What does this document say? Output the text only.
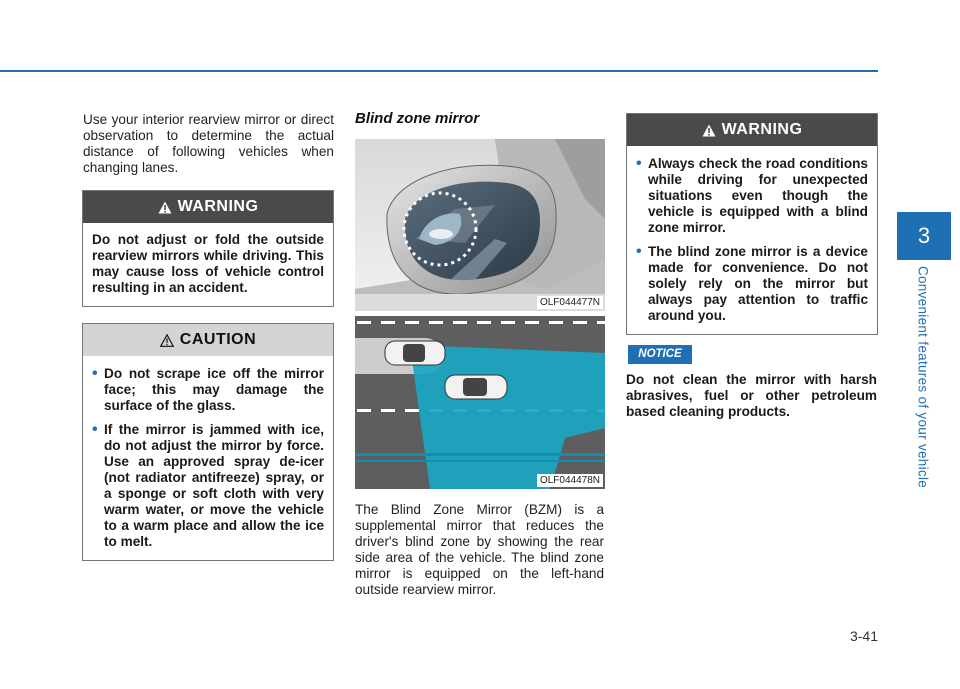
3
Convenient features of your vehicle

Use your interior rearview mirror or direct observation to determine the actual distance of following vehicles when changing lanes.

WARNING

Do not adjust or fold the outside rearview mirrors while driving. This may cause loss of vehicle control resulting in an accident.

CAUTION
• Do not scrape ice off the mirror face; this may damage the surface of the glass.
• If the mirror is jammed with ice, do not adjust the mirror by force. Use an approved spray de-icer (not radiator antifreeze) spray, or a sponge or soft cloth with very warm water, or move the vehicle to a warm place and allow the ice to melt.
Blind zone mirror
OLF044477N
OLF044478N

The Blind Zone Mirror (BZM) is a supplemental mirror that reduces the driver's blind zone by showing the rear side area of the vehicle. The blind zone mirror is equipped on the left-hand outside rearview mirror.

WARNING
• Always check the road conditions while driving for unexpected situations even though the vehicle is equipped with a blind zone mirror.
• The blind zone mirror is a device made for convenience. Do not solely rely on the mirror but always pay attention to traffic around you.
NOTICE

Do not clean the mirror with harsh abrasives, fuel or other petroleum based cleaning products.

3-41
